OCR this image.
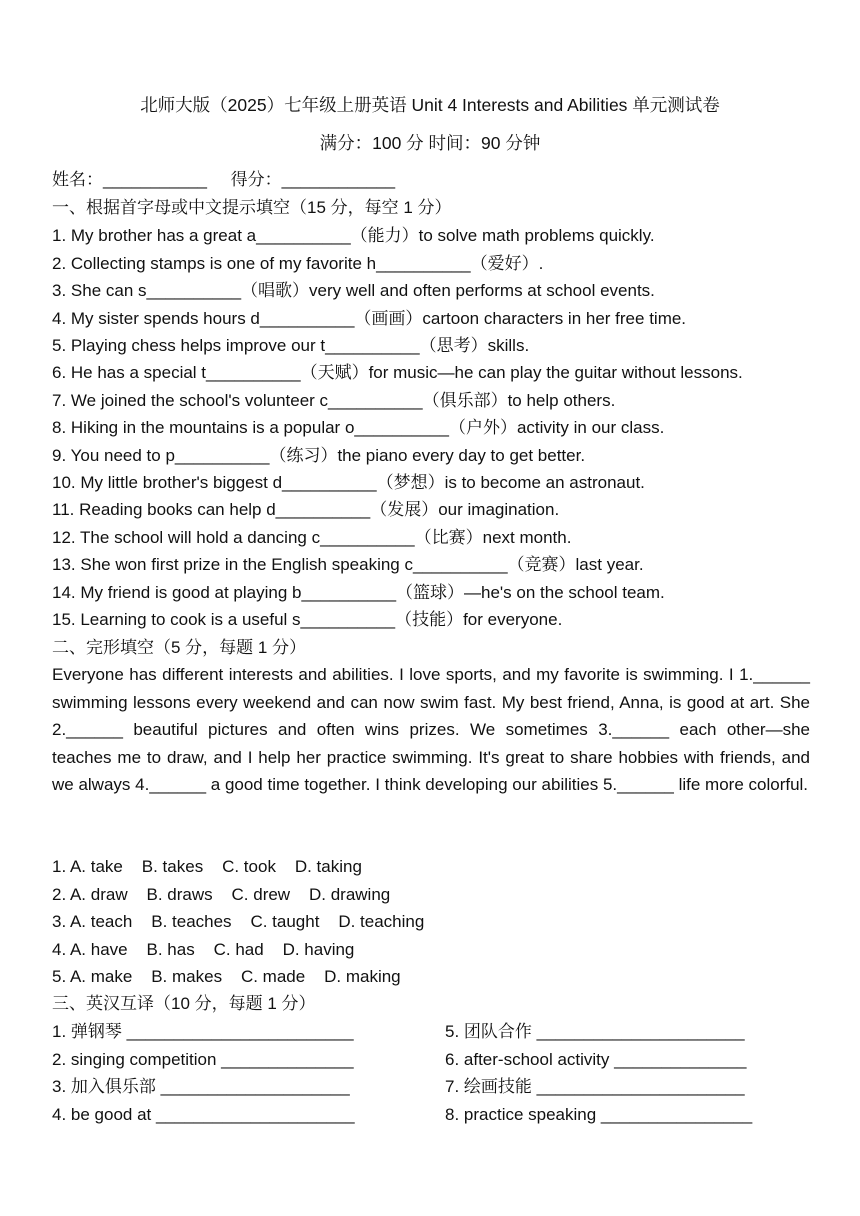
北师大版（2025）七年级上册英语 Unit 4 Interests and Abilities 单元测试卷
满分：100 分 时间：90 分钟
姓名：___________     得分：____________
一、根据首字母或中文提示填空（15 分，每空 1 分）
1. My brother has a great a__________（能力）to solve math problems quickly.
2. Collecting stamps is one of my favorite h__________（爱好）.
3. She can s__________（唱歌）very well and often performs at school events.
4. My sister spends hours d__________（画画）cartoon characters in her free time.
5. Playing chess helps improve our t__________（思考）skills.
6. He has a special t__________（天赋）for music—he can play the guitar without lessons.
7. We joined the school's volunteer c__________（俱乐部）to help others.
8. Hiking in the mountains is a popular o__________（户外）activity in our class.
9. You need to p__________（练习）the piano every day to get better.
10. My little brother's biggest d__________（梦想）is to become an astronaut.
11. Reading books can help d__________（发展）our imagination.
12. The school will hold a dancing c__________（比赛）next month.
13. She won first prize in the English speaking c__________（竞赛）last year.
14. My friend is good at playing b__________（篮球）—he's on the school team.
15. Learning to cook is a useful s__________（技能）for everyone.
二、完形填空（5 分，每题 1 分）
Everyone has different interests and abilities. I love sports, and my favorite is swimming. I 1.______ swimming lessons every weekend and can now swim fast. My best friend, Anna, is good at art. She 2.______ beautiful pictures and often wins prizes. We sometimes 3.______ each other—she teaches me to draw, and I help her practice swimming. It's great to share hobbies with friends, and we always 4.______ a good time together. I think developing our abilities 5.______ life more colorful.
1. A. take    B. takes    C. took    D. taking
2. A. draw    B. draws    C. drew    D. drawing
3. A. teach    B. teaches    C. taught    D. teaching
4. A. have    B. has    C. had    D. having
5. A. make    B. makes    C. made    D. making
三、英汉互译（10 分，每题 1 分）
1. 弹钢琴 ________________________
2. singing competition ______________
3. 加入俱乐部 ____________________
4. be good at _____________________
5. 团队合作 ______________________
6. after-school activity ______________
7. 绘画技能 ______________________
8. practice speaking ________________
